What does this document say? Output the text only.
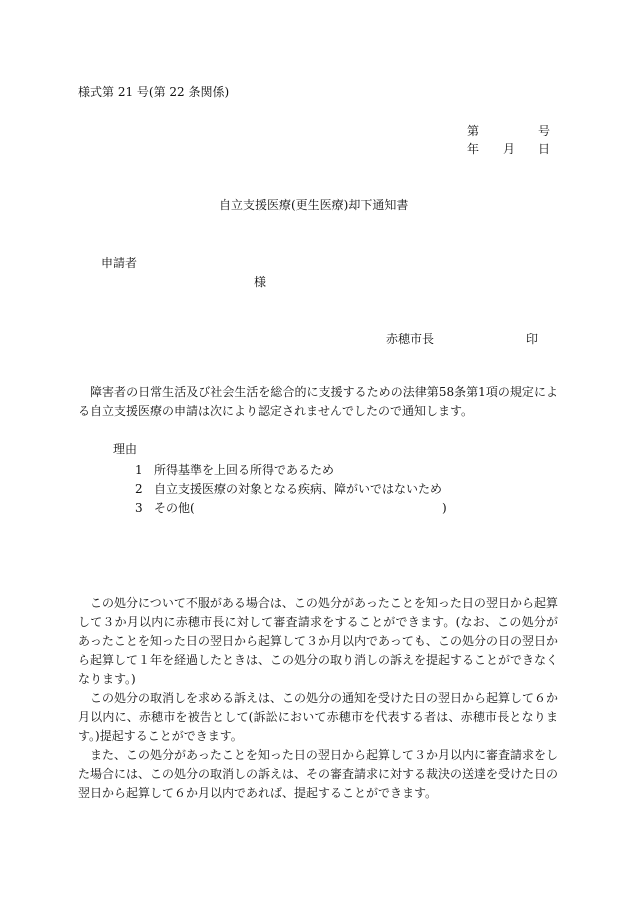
様式第 21 号(第 22 条関係)
第	号
年 月 日
自立支援医療(更生医療)却下通知書
申請者
様
赤穂市長	印
障害者の日常生活及び社会生活を総合的に支援するための法律第58条第1項の規定による自立支援医療の申請は次により認定されませんでしたので通知します。
理由
1 所得基準を上回る所得であるため
2 自立支援医療の対象となる疾病、障がいではないため
3 その他(	)

この処分について不服がある場合は、この処分があったことを知った日の翌日から起算して３か月以内に赤穂市長に対して審査請求をすることができます。(なお、この処分があったことを知った日の翌日から起算して３か月以内であっても、この処分の日の翌日から起算して１年を経過したときは、この処分の取り消しの訴えを提起することができなくなります。)

この処分の取消しを求める訴えは、この処分の通知を受けた日の翌日から起算して６か月以内に、赤穂市を被告として(訴訟において赤穂市を代表する者は、赤穂市長となります。)提起することができます。

また、この処分があったことを知った日の翌日から起算して３か月以内に審査請求をした場合には、この処分の取消しの訴えは、その審査請求に対する裁決の送達を受けた日の翌日から起算して６か月以内であれば、提起することができます。
